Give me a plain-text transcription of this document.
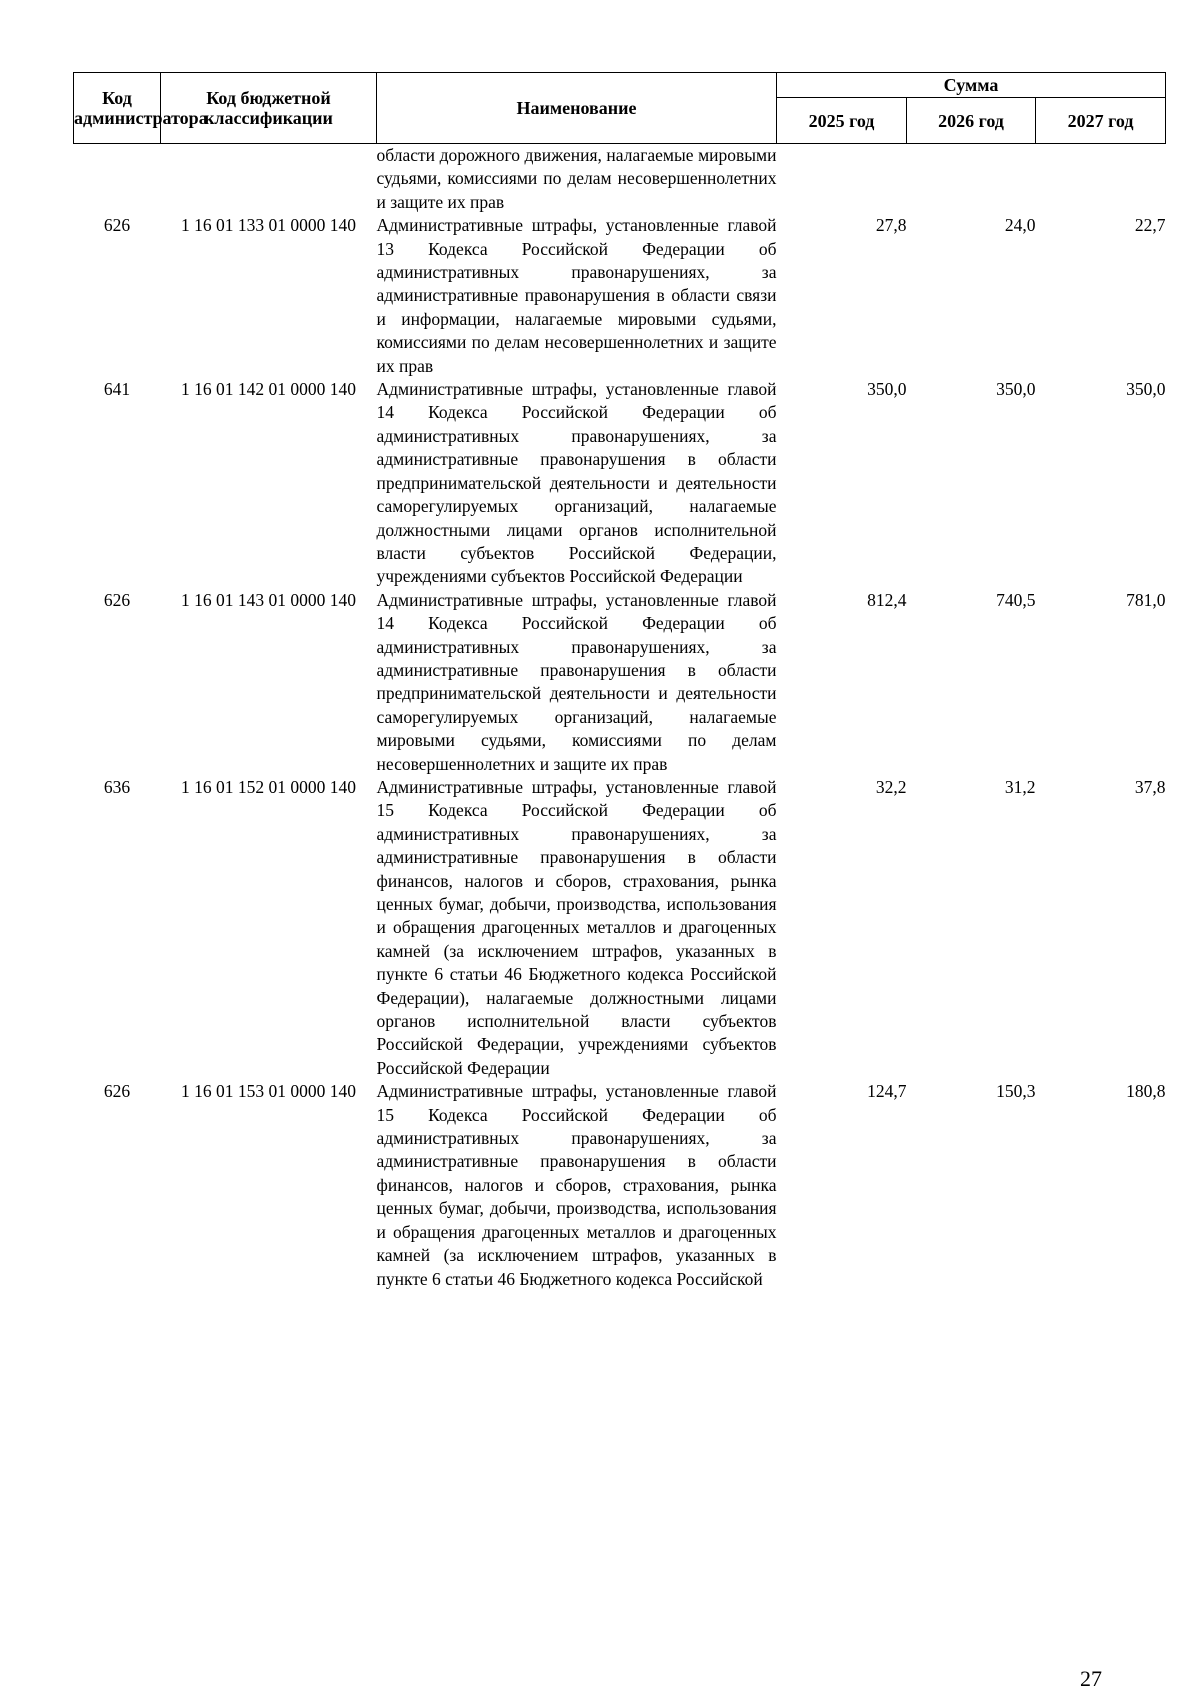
Код администратора	Код бюджетной классификации	Наименование	Сумма		
			2025 год	2026 год	2027 год
		области дорожного движения, налагаемые мировыми судьями, комиссиями по делам несовершеннолетних и защите их прав			
626	1 16 01 133 01 0000 140	Административные штрафы, установленные главой 13 Кодекса Российской Федерации об административных правонарушениях, за административные правонарушения в области связи и информации, налагаемые мировыми судьями, комиссиями по делам несовершеннолетних и защите их прав	27,8	24,0	22,7
641	1 16 01 142 01 0000 140	Административные штрафы, установленные главой 14 Кодекса Российской Федерации об административных правонарушениях, за административные правонарушения в области предпринимательской деятельности и деятельности саморегулируемых организаций, налагаемые должностными лицами органов исполнительной власти субъектов Российской Федерации, учреждениями субъектов Российской Федерации	350,0	350,0	350,0
626	1 16 01 143 01 0000 140	Административные штрафы, установленные главой 14 Кодекса Российской Федерации об административных правонарушениях, за административные правонарушения в области предпринимательской деятельности и деятельности саморегулируемых организаций, налагаемые мировыми судьями, комиссиями по делам несовершеннолетних и защите их прав	812,4	740,5	781,0
636	1 16 01 152 01 0000 140	Административные штрафы, установленные главой 15 Кодекса Российской Федерации об административных правонарушениях, за административные правонарушения в области финансов, налогов и сборов, страхования, рынка ценных бумаг, добычи, производства, использования и обращения драгоценных металлов и драгоценных камней (за исключением штрафов, указанных в пункте 6 статьи 46 Бюджетного кодекса Российской Федерации), налагаемые должностными лицами органов исполнительной власти субъектов Российской Федерации, учреждениями субъектов Российской Федерации	32,2	31,2	37,8
626	1 16 01 153 01 0000 140	Административные штрафы, установленные главой 15 Кодекса Российской Федерации об административных правонарушениях, за административные правонарушения в области финансов, налогов и сборов, страхования, рынка ценных бумаг, добычи, производства, использования и обращения драгоценных металлов и драгоценных камней (за исключением штрафов, указанных в пункте 6 статьи 46 Бюджетного кодекса Российской	124,7	150,3	180,8
27
